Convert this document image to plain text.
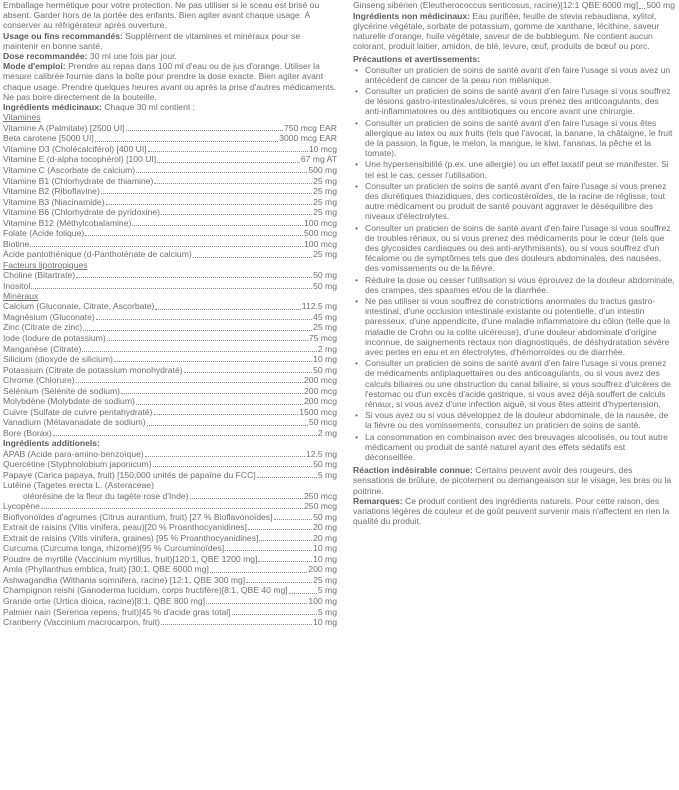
Emballage hermétique pour votre protection. Ne pas utiliser si le sceau est brisé ou absent. Garder hors de la portée des enfants. Bien agiter avant chaque usage. À conserver au réfrigérateur après ouverture.

Usage ou fins recommandés: Supplément de vitamines et minéraux pour se maintenir en bonne santé.

Dose recommandée: 30 ml une fois par jour.

Mode d'emploi: Prendre au repas dans 100 ml d'eau ou de jus d'orange. Utiliser la mesure calibrée fournie dans la boîte pour prendre la dose exacte. Bien agiter avant chaque usage. Prendre quelques heures avant ou après la prise d'autres médicaments. Ne pas boire directement de la bouteille.

Ingrédients médicinaux: Chaque 30 ml contient :

Vitamines
Vitamine A (Palmitate) [2500 UI]	750 mcg EAR
Beta carotene [5000 UI]	3000 mcg EAR
Vitamine D3 (Cholécalciférol) [400 UI]	10 mcg
Vitamine E (d-alpha tocophérol) [100 UI]	67 mg AT
Vitamine C (Ascorbate de calcium)	500 mg
Vitamine B1 (Chlorhydrate de thiamine)	25 mg
Vitamine B2 (Riboflavine)	25 mg
Vitamine B3 (Niacinamide)	25 mg
Vitamine B6 (Chlorhydrate de pyridoxine)	25 mg
Vitamine B12 (Méthylcobalamine)	100 mcg
Folate (Acide folique)	500 mcg
Biotine	100 mcg
Acide pantothénique (d-Panthoténate de calcium)	25 mg
Facteurs lipotropiques
Choline (Bitartrate)	50 mg
Inositol	50 mg
Minéraux
Calcium (Gluconate, Citrate, Ascorbate)	112.5 mg
Magnésium (Gluconate)	45 mg
Zinc (Citrate de zinc)	25 mg
Iode (Iodure de potassium)	75 mcg
Manganèse (Citrate)	2 mg
Silicium (dioxyde de silicium)	10 mg
Potassium (Citrate de potassium monohydraté)	50 mg
Chrome (Chlorure)	200 mcg
Sélénium (Sélénite de sodium)	200 mcg
Molybdène (Molybdate de sodium)	200 mcg
Cuivre (Sulfate de cuivre pentahydraté)	1500 mcg
Vanadium (Métavanadate de sodium)	50 mcg
Bore (Borax)	2 mg
Ingrédients additionels:
APAB (Acide para-amino-benzoïque)	12.5 mg
Quercétine (Styphnolobium japonicum)	50 mg
Papaye (Carica papaya, fruit) [150,000 unités de papaïne du FCC]	5 mg
Lutéine (Tagetes erecta L. (Asteraceae)
oléorésine de la fleur du tagète rose d'Inde)	250 mcg
Lycopène	250 mcg
Bioflvonoïdes d'agrumes (Citrus aurantium, fruit) [27 % Bioflavonoïdes]	50 mg
Extrait de raisins (Vitis vinifera, peau)[20 % Proanthocyanidines]	20 mg
Extrait de raisins (Vitis vinifera, graines) [95 % Proanthocyanidines]	20 mg
Curcuma (Curcuma longa, rhizome)[95 % Curcuminoïdes]	10 mg
Poudre de myrtille (Vaccinium myrtillus, fruit)[120:1, QBE 1200 mg]	10 mg
Amla (Phyllanthus emblica, fruit) [30:1, QBE 6000 mg]	200 mg
Ashwagandha (Withania somnifera, racine) [12:1, QBE 300 mg]	25 mg
Champignon reishi (Ganoderma lucidum, corps fructifère)[8:1, QBE 40 mg]	5 mg
Grande ortie (Urtica dioica, racine)[8:1, QBE 800 mg]	100 mg
Palmier nain (Serenoa repens, fruit)[45 % d'acide gras total]	5 mg
Cranberry (Vaccinium macrocarpon, fruit)	10 mg
Ginseng sibérien (Eleutherococcus senticosus, racine)[12:1 QBE 6000 mg] 500 mg

Ingrédients non médicinaux: Eau purifiée, feuille de stevia rebaudiana, xylitol, glycérine végétale, sorbate de potassium, gomme de xanthane, lécithine, saveur naturelle d'orange, huile végétale, saveur de de bubblegum. Ne contient aucun colorant, produit laitier, amidon, de blé, levure, œuf, produits de bœuf ou porc.

Précautions et avertissements:
• Consulter un praticien de soins de santé avant d'en faire l'usage si vous avez un antécédent de cancer de la peau non mélanique.
• Consulter un praticien de soins de santé avant d'en faire l'usage si vous souffrez de lésions gastro-intestinales/ulcères, si vous prenez des anticoagulants, des anti-inflammatoires ou des antibiotiques ou encore avant une chirurgie.
• Consulter un praticien de soins de santé avant d'en faire l'usage si vous êtes allergique au latex ou aux fruits (tels que l'avocat, la banane, la châtaigne, le fruit de la passion, la figue, le melon, la mangue, le kiwi, l'ananas, la pêche et la tomate).
• Une hypersensibilité (p.ex. une allergie) ou un effet laxatif peut se manifester. Si tel est le cas, cesser l'utilisation.
• Consulter un praticien de soins de santé avant d'en faire l'usage si vous prenez des diurétiques thiazidiques, des corticostéroïdes, de la racine de réglisse, tout autre médicament ou produit de santé pouvant aggraver le déséquilibre des niveaux d'électrolytes.
• Consulter un praticien de soins de santé avant d'en faire l'usage si vous souffrez de troubles rénaux, ou si vous prenez des médicaments pour le cœur (tels que des glycosides cardiaques ou des anti-arythmisants), ou si vous souffrez d'un fécalome ou de symptômes tels que des douleurs abdominales, des nausées, des vomissements ou de la fièvre.
• Réduire la dose ou cesser l'utilisation si vous éprouvez de la douleur abdominale, des crampes, des spasmes et/ou de la diarrhée.
• Ne pas utiliser si vous souffrez de constrictions anormales du tractus gastro-intestinal, d'une occlusion intestinale existante ou potentielle, d'un intestin paresseux, d'une appendicite, d'une maladie inflammatoire du côlon (telle que la maladie de Crohn ou la colite ulcéreuse), d'une douleur abdominale d'origine inconnue, de saignements rectaux non diagnostiqués, de déshydratation sévère avec pertes en eau et en électrolytes, d'hémorroïdes ou de diarrhée.
• Consulter un praticien de soins de santé avant d'en faire l'usage si vous prenez de médicaments antiplaquettaires ou des anticoagulants, ou si vous avez des calculs biliaires ou une obstruction du canal biliaire, si vous souffrez d'ulcères de l'estomac ou d'un excès d'acide gastrique, si vous avez déjà souffert de calculs rénaux, si vous avez d'une infection aiguë, si vous êtes atteint d'hypertension.
• Si vous avez ou si vous développez de la douleur abdominale, de la nausée, de la fièvre ou des vomissements, consultez un praticien de soins de santé.
• La consommation en combinaison avec des breuvages alcoolisés, ou tout autre médicament ou produit de santé naturel ayant des effets sédatifs est déconseillée.

Réaction indésirable connue: Certains peuvent avoir des rougeurs, des sensations de brûlure, de picotement ou demangeaison sur le visage, les bras ou la poitrine.

Remarques: Ce produit contient des ingrédients naturels. Pour cette raison, des variations légères de couleur et de goût peuvent survenir mais n'affectent en rien la qualité du produit.
